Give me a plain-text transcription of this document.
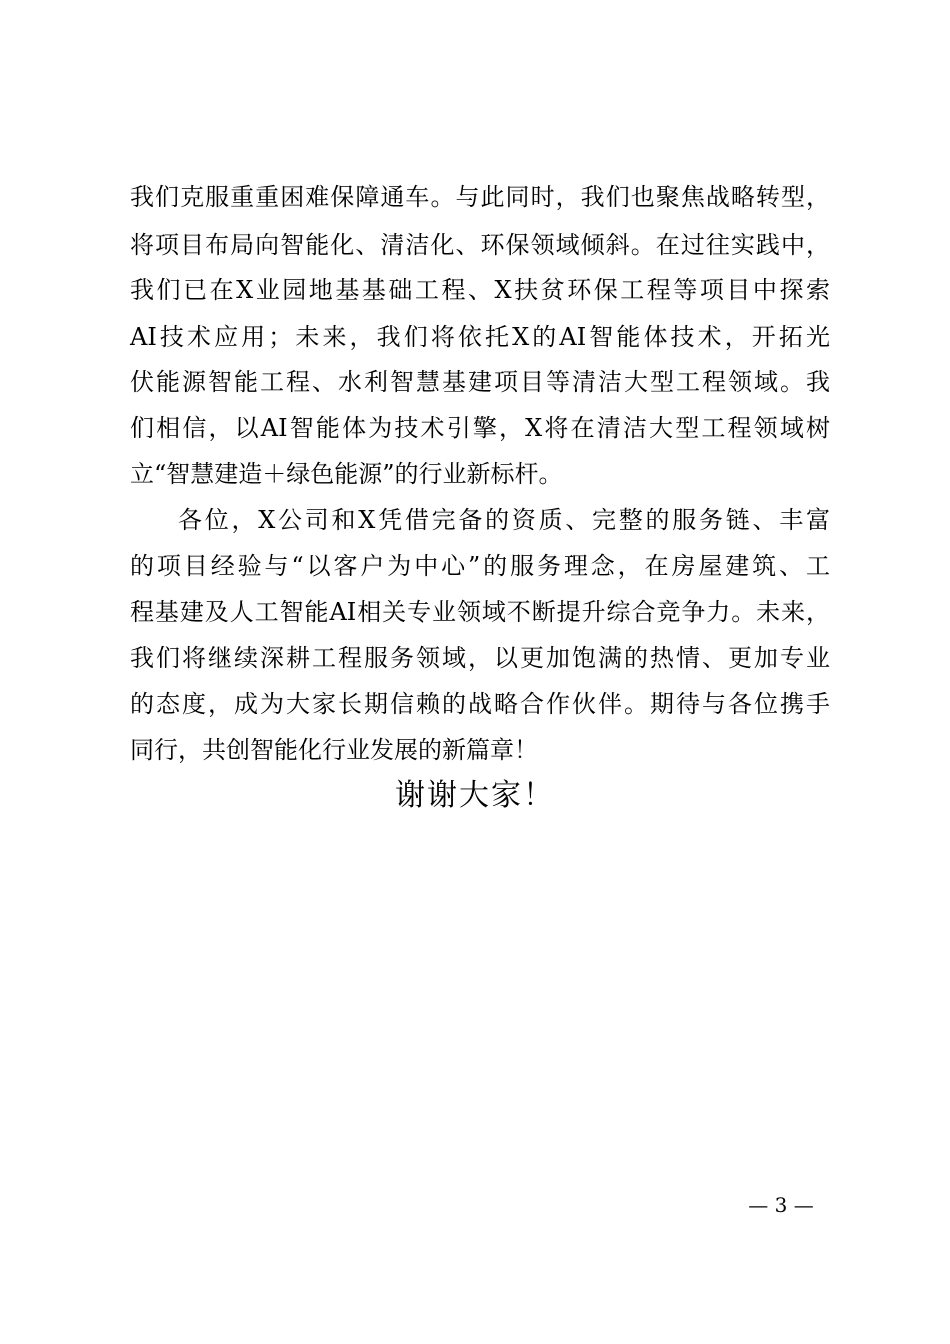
我们克服重重困难保障通车。与此同时，我们也聚焦战略转型，
将项目布局向智能化、清洁化、环保领域倾斜。在过往实践中，
我们已在X业园地基基础工程、X扶贫环保工程等项目中探索
AI技术应用；未来，我们将依托X的AI智能体技术，开拓光
伏能源智能工程、水利智慧基建项目等清洁大型工程领域。我
们相信，以AI智能体为技术引擎，X将在清洁大型工程领域树
立“智慧建造＋绿色能源”的行业新标杆。
各位，X公司和X凭借完备的资质、完整的服务链、丰富
的项目经验与“以客户为中心”的服务理念，在房屋建筑、工
程基建及人工智能AI相关专业领域不断提升综合竞争力。未来，
我们将继续深耕工程服务领域，以更加饱满的热情、更加专业
的态度，成为大家长期信赖的战略合作伙伴。期待与各位携手
同行，共创智能化行业发展的新篇章！
谢谢大家！
— 3 —
